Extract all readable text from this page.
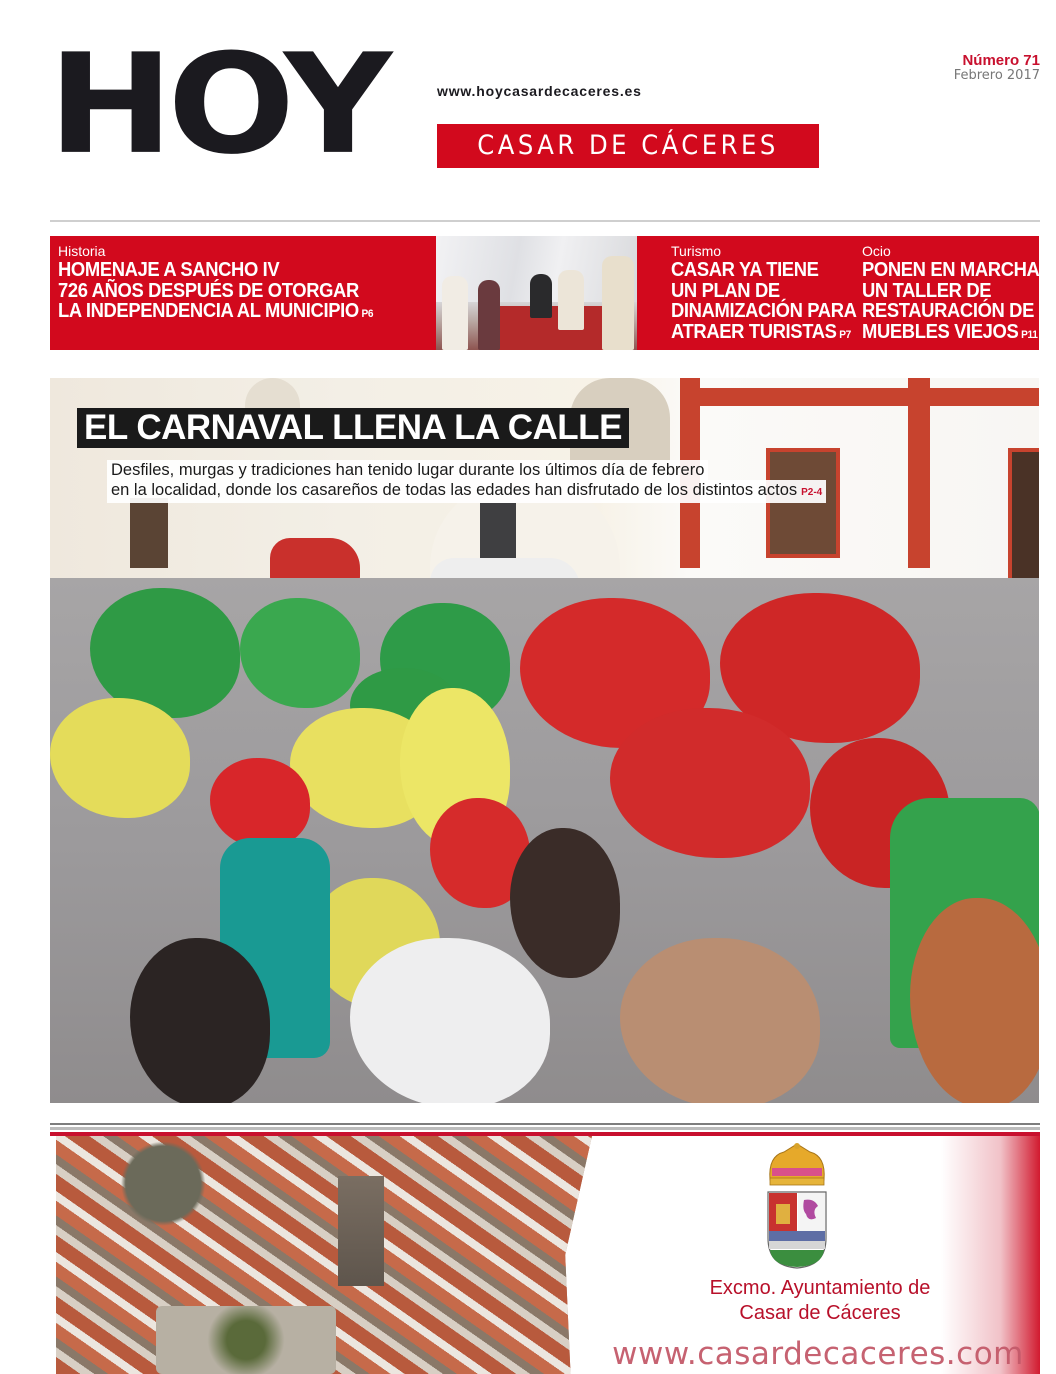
HOY	www.hoycasardecaceres.es
CASAR DE CÁCERES
Número 71
Febrero 2017
Historia
HOMENAJE A SANCHO IV
726 AÑOS DESPUÉS DE OTORGAR
LA INDEPENDENCIA AL MUNICIPIO P6
Turismo
CASAR YA TIENE
UN PLAN DE
DINAMIZACIÓN PARA
ATRAER TURISTAS P7
Ocio
PONEN EN MARCHA
UN TALLER DE
RESTAURACIÓN DE
MUEBLES VIEJOS P11
EL CARNAVAL LLENA LA CALLE
Desfiles, murgas y tradiciones han tenido lugar durante los últimos día de febrero
en la localidad, donde los casareños de todas las edades han disfrutado de los distintos actos P2-4
Excmo. Ayuntamiento de
Casar de Cáceres
www.casardecaceres.com
